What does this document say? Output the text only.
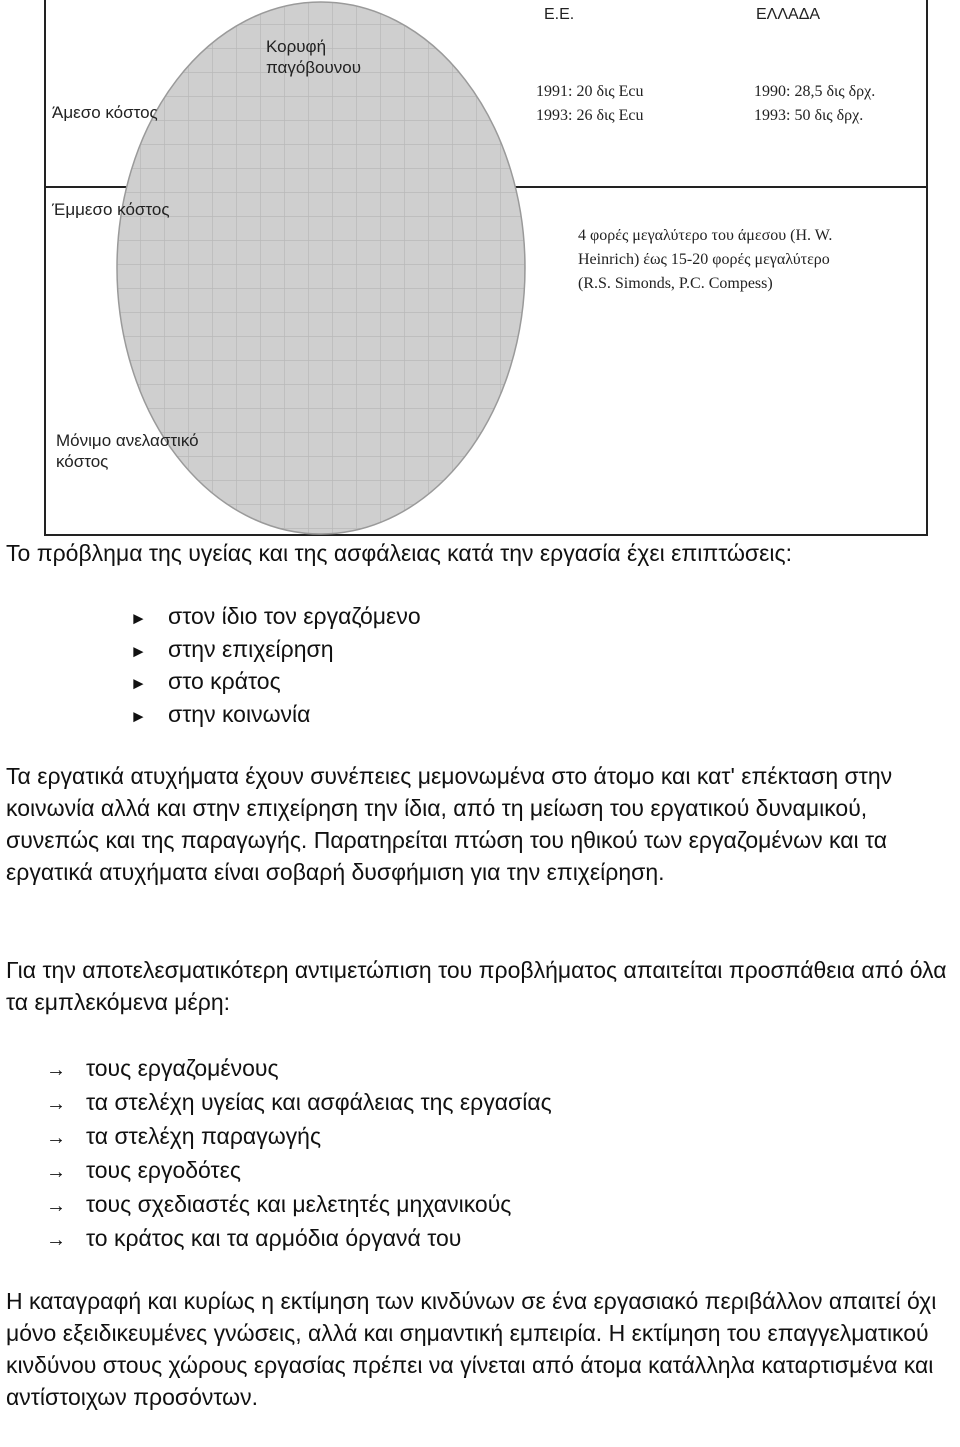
Κορυφή
παγόβουνου
Άμεσο κόστος
Έμμεσο κόστος
Μόνιμο ανελαστικό
κόστος
Ε.Ε.	ΕΛΛΑΔΑ
1991: 20 δις Ecu
1993: 26 δις Ecu
1990: 28,5 δις δρχ.
1993: 50 δις δρχ.
4 φορές μεγαλύτερο του άμεσου (H. W.
Heinrich) έως 15-20 φορές μεγαλύτερο
(R.S. Simonds, P.C. Compess)
Το πρόβλημα της υγείας και της ασφάλειας κατά την εργασία έχει επιπτώσεις:
► στον ίδιο τον εργαζόμενο
► στην επιχείρηση
► στο κράτος
► στην κοινωνία
Τα εργατικά ατυχήματα έχουν συνέπειες μεμονωμένα στο άτομο και κατ' επέκταση στην κοινωνία αλλά και στην επιχείρηση την ίδια, από τη μείωση του εργατικού δυναμικού, συνεπώς και της παραγωγής. Παρατηρείται πτώση του ηθικού των εργαζομένων και τα εργατικά ατυχήματα είναι σοβαρή δυσφήμιση για την επιχείρηση.
Για την αποτελεσματικότερη αντιμετώπιση του προβλήματος απαιτείται προσπάθεια από όλα τα εμπλεκόμενα μέρη:
→ τους εργαζομένους
→ τα στελέχη υγείας και ασφάλειας της εργασίας
→ τα στελέχη παραγωγής
→ τους εργοδότες
→ τους σχεδιαστές και μελετητές μηχανικούς
→ το κράτος και τα αρμόδια όργανά του
Η καταγραφή και κυρίως η εκτίμηση των κινδύνων σε ένα εργασιακό περιβάλλον απαιτεί όχι μόνο εξειδικευμένες γνώσεις, αλλά και σημαντική εμπειρία. Η εκτίμηση του επαγγελματικού κινδύνου στους χώρους εργασίας πρέπει να γίνεται από άτομα κατάλληλα καταρτισμένα και αντίστοιχων προσόντων.
